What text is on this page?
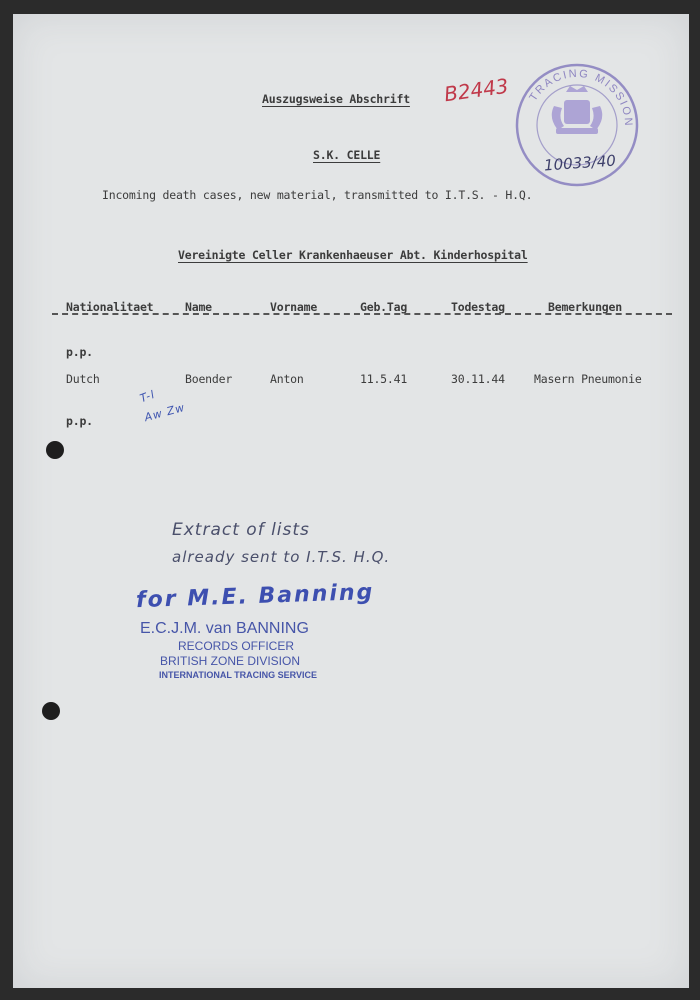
Auszugsweise Abschrift B2443
S.K. CELLE
Incoming death cases, new material, transmitted to I.T.S. - H.Q.
Vereinigte Celler Krankenhaeuser Abt. Kinderhospital
TRACING MISSION
10033/40
Nationalitaet	Name	Vorname	Geb.Tag	Todestag	Bemerkungen
p.p.
Dutch	Boender	Anton	11.5.41	30.11.44	Masern Pneumonie
p.p.
T-l
Aw Zw
Extract of lists
already sent to I.T.S. H.Q.
for M.E. Banning
E.C.J.M. van BANNING
RECORDS OFFICER
BRITISH ZONE DIVISION
INTERNATIONAL TRACING SERVICE
